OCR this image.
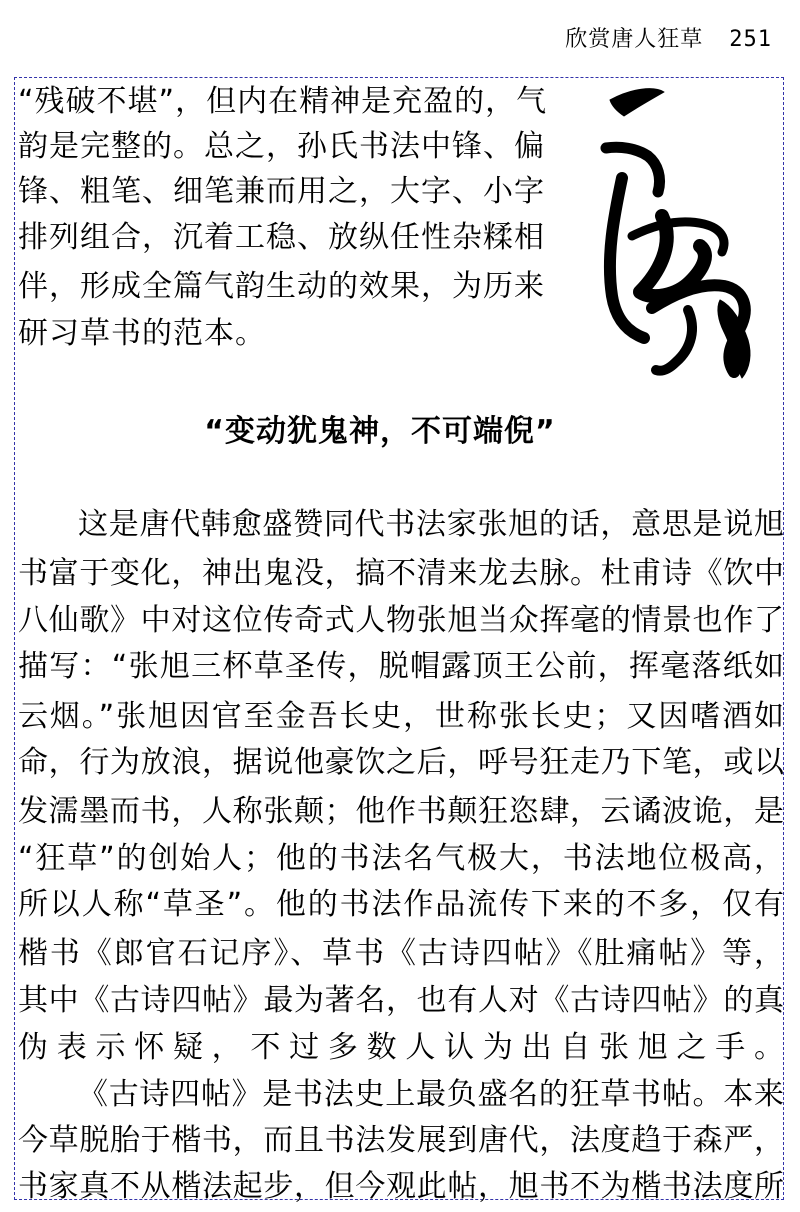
欣赏唐人狂草 251
“残破不堪”，但内在精神是充盈的，气
韵是完整的。总之，孙氏书法中锋、偏
锋、粗笔、细笔兼而用之，大字、小字
排列组合，沉着工稳、放纵任性杂糅相
伴，形成全篇气韵生动的效果，为历来
研习草书的范本。
“变动犹鬼神，不可端倪”
这是唐代韩愈盛赞同代书法家张旭的话，意思是说旭
书富于变化，神出鬼没，搞不清来龙去脉。杜甫诗《饮中
八仙歌》中对这位传奇式人物张旭当众挥毫的情景也作了
描写：“张旭三杯草圣传，脱帽露顶王公前，挥毫落纸如
云烟。”张旭因官至金吾长史，世称张长史；又因嗜酒如
命，行为放浪，据说他豪饮之后，呼号狂走乃下笔，或以
发濡墨而书，人称张颠；他作书颠狂恣肆，云谲波诡，是
“狂草”的创始人；他的书法名气极大，书法地位极高，
所以人称“草圣”。他的书法作品流传下来的不多，仅有
楷书《郎官石记序》、草书《古诗四帖》《肚痛帖》等，
其中《古诗四帖》最为著名，也有人对《古诗四帖》的真
伪表示怀疑，不过多数人认为出自张旭之手。
《古诗四帖》是书法史上最负盛名的狂草书帖。本来
今草脱胎于楷书，而且书法发展到唐代，法度趋于森严，
书家真不从楷法起步，但今观此帖，旭书不为楷书法度所
